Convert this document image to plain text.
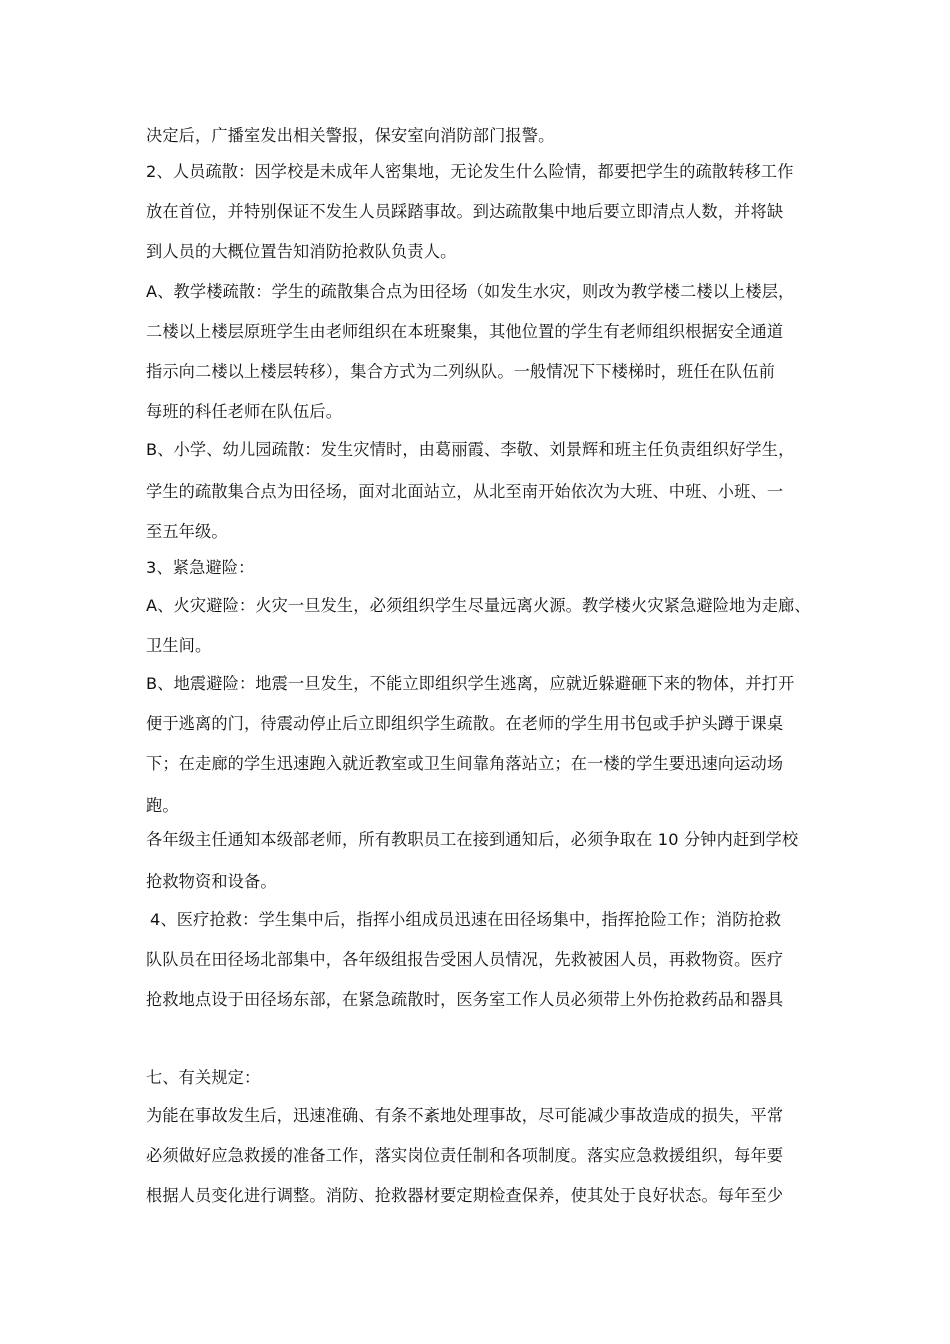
决定后，广播室发出相关警报，保安室向消防部门报警。
2、人员疏散：因学校是未成年人密集地，无论发生什么险情，都要把学生的疏散转移工作
放在首位，并特别保证不发生人员踩踏事故。到达疏散集中地后要立即清点人数，并将缺
到人员的大概位置告知消防抢救队负责人。
A、教学楼疏散：学生的疏散集合点为田径场（如发生水灾，则改为教学楼二楼以上楼层，
二楼以上楼层原班学生由老师组织在本班聚集，其他位置的学生有老师组织根据安全通道
指示向二楼以上楼层转移），集合方式为二列纵队。一般情况下下楼梯时，班任在队伍前
每班的科任老师在队伍后。
B、小学、幼儿园疏散：发生灾情时，由葛丽霞、李敬、刘景辉和班主任负责组织好学生，
学生的疏散集合点为田径场，面对北面站立，从北至南开始依次为大班、中班、小班、一
至五年级。
3、紧急避险：
A、火灾避险：火灾一旦发生，必须组织学生尽量远离火源。教学楼火灾紧急避险地为走廊、
卫生间。
B、地震避险：地震一旦发生，不能立即组织学生逃离，应就近躲避砸下来的物体，并打开
便于逃离的门，待震动停止后立即组织学生疏散。在老师的学生用书包或手护头蹲于课桌
下；在走廊的学生迅速跑入就近教室或卫生间靠角落站立；在一楼的学生要迅速向运动场
跑。
各年级主任通知本级部老师，所有教职员工在接到通知后，必须争取在 10 分钟内赶到学校
抢救物资和设备。
4、医疗抢救：学生集中后，指挥小组成员迅速在田径场集中，指挥抢险工作；消防抢救
队队员在田径场北部集中，各年级组报告受困人员情况，先救被困人员，再救物资。医疗
抢救地点设于田径场东部，在紧急疏散时，医务室工作人员必须带上外伤抢救药品和器具
七、有关规定：
为能在事故发生后，迅速准确、有条不紊地处理事故，尽可能减少事故造成的损失，平常
必须做好应急救援的准备工作，落实岗位责任制和各项制度。落实应急救援组织，每年要
根据人员变化进行调整。消防、抢救器材要定期检查保养，使其处于良好状态。每年至少
